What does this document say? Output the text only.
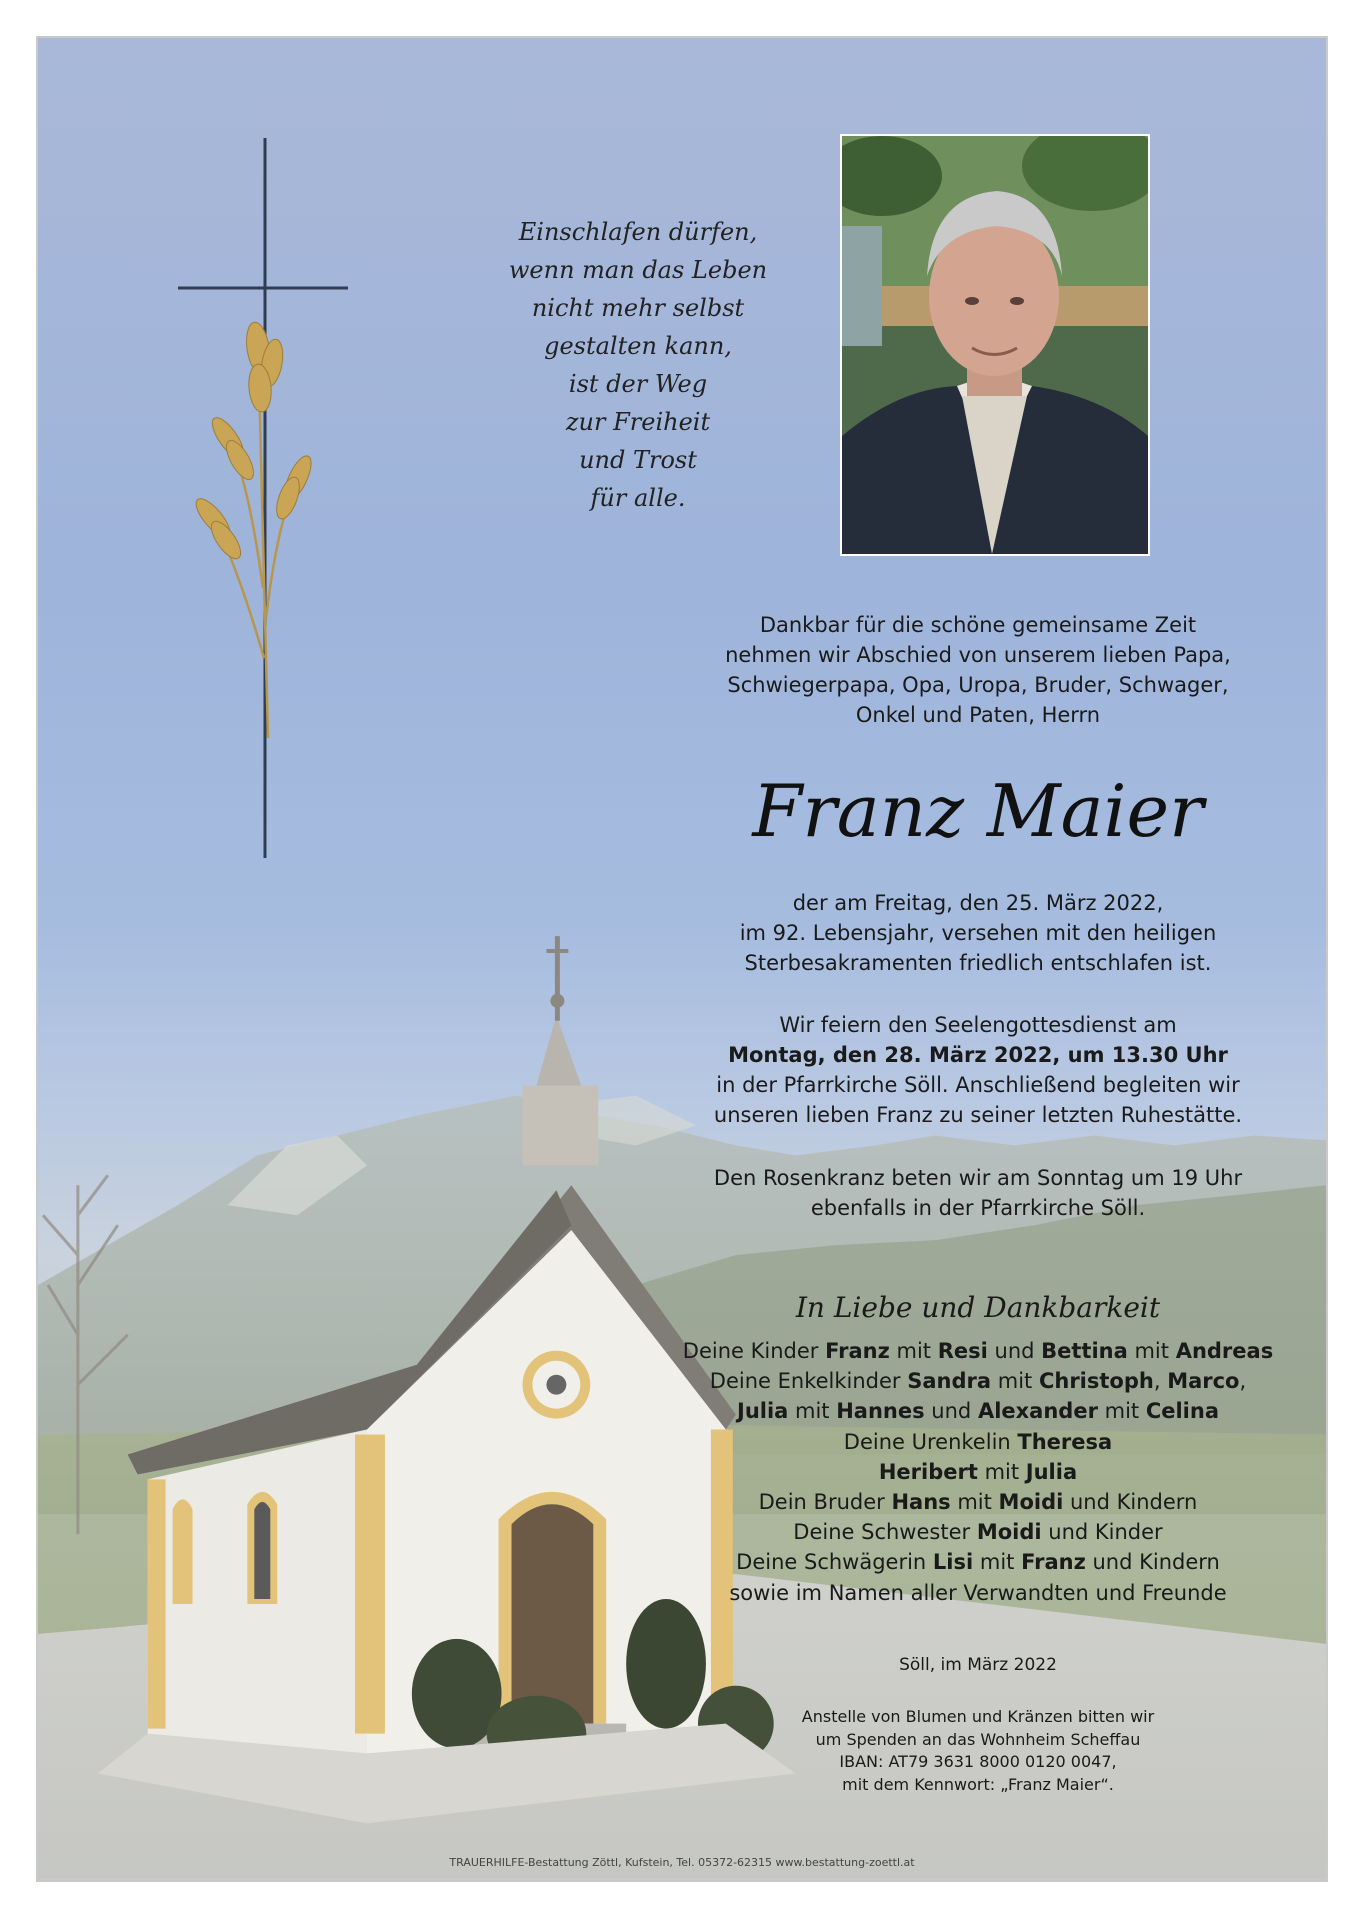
Einschlafen dürfen,
wenn man das Leben
nicht mehr selbst
gestalten kann,
ist der Weg
zur Freiheit
und Trost
für alle.
Dankbar für die schöne gemeinsame Zeit
nehmen wir Abschied von unserem lieben Papa,
Schwiegerpapa, Opa, Uropa, Bruder, Schwager,
Onkel und Paten, Herrn
Franz Maier
der am Freitag, den 25. März 2022,
im 92. Lebensjahr, versehen mit den heiligen
Sterbesakramenten friedlich entschlafen ist.
Wir feiern den Seelengottesdienst am
Montag, den 28. März 2022, um 13.30 Uhr
in der Pfarrkirche Söll. Anschließend begleiten wir
unseren lieben Franz zu seiner letzten Ruhestätte.
Den Rosenkranz beten wir am Sonntag um 19 Uhr
ebenfalls in der Pfarrkirche Söll.
In Liebe und Dankbarkeit
Deine Kinder Franz mit Resi und Bettina mit Andreas
Deine Enkelkinder Sandra mit Christoph, Marco,
Julia mit Hannes und Alexander mit Celina
Deine Urenkelin Theresa
Heribert mit Julia
Dein Bruder Hans mit Moidi und Kindern
Deine Schwester Moidi und Kinder
Deine Schwägerin Lisi mit Franz und Kindern
sowie im Namen aller Verwandten und Freunde
Söll, im März 2022
Anstelle von Blumen und Kränzen bitten wir
um Spenden an das Wohnheim Scheffau
IBAN: AT79 3631 8000 0120 0047,
mit dem Kennwort: „Franz Maier“.
TRAUERHILFE-Bestattung Zöttl, Kufstein, Tel. 05372-62315 www.bestattung-zoettl.at
